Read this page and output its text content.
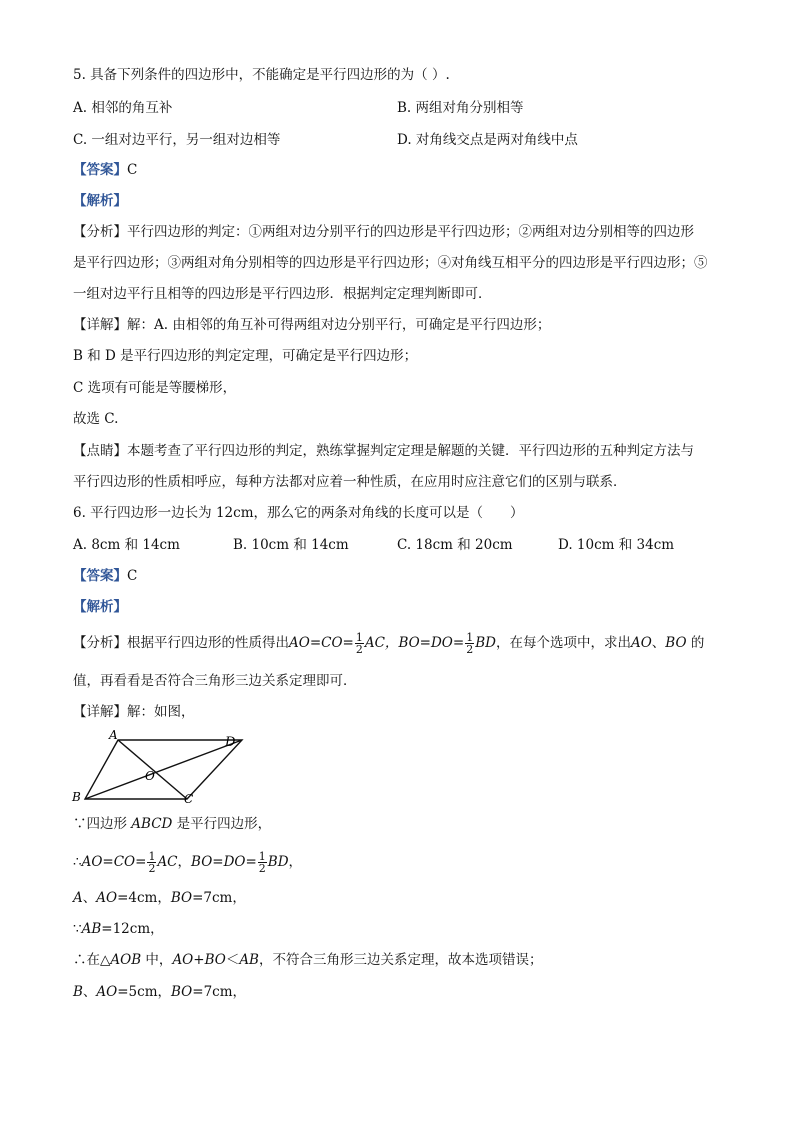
5. 具备下列条件的四边形中，不能确定是平行四边形的为（ ）.
A. 相邻的角互补	B. 两组对角分别相等
C. 一组对边平行，另一组对边相等	D. 对角线交点是两对角线中点
【答案】C
【解析】
【分析】平行四边形的判定：①两组对边分别平行的四边形是平行四边形；②两组对边分别相等的四边形
是平行四边形；③两组对角分别相等的四边形是平行四边形；④对角线互相平分的四边形是平行四边形；⑤
一组对边平行且相等的四边形是平行四边形．根据判定定理判断即可．
【详解】解：A. 由相邻的角互补可得两组对边分别平行，可确定是平行四边形；
B 和 D 是平行四边形的判定定理，可确定是平行四边形；
C 选项有可能是等腰梯形，
故选 C.
【点睛】本题考查了平行四边形的判定，熟练掌握判定定理是解题的关键．平行四边形的五种判定方法与
平行四边形的性质相呼应，每种方法都对应着一种性质，在应用时应注意它们的区别与联系．
6. 平行四边形一边长为 12cm，那么它的两条对角线的长度可以是（　　）
A. 8cm 和 14cm	B. 10cm 和 14cm	C. 18cm 和 20cm	D. 10cm 和 34cm
【答案】C
【解析】
【分析】根据平行四边形的性质得出$AO=CO= \frac{1}{2}$ AC，$BO=DO= \frac{1}{2}$ BD，在每个选项中，求出AO、BO 的
值，再看看是否符合三角形三边关系定理即可．
【详解】解：如图，
A	D
B	C
O
∵四边形 ABCD 是平行四边形，
∴AO=CO= $\frac{1}{2}$ AC，$BO=DO= \frac{1}{2}$ BD，
A、AO=4cm，BO=7cm，
∵AB=12cm，
∴在△AOB 中，AO+BO＜AB，不符合三角形三边关系定理，故本选项错误；
B、AO=5cm，BO=7cm，
